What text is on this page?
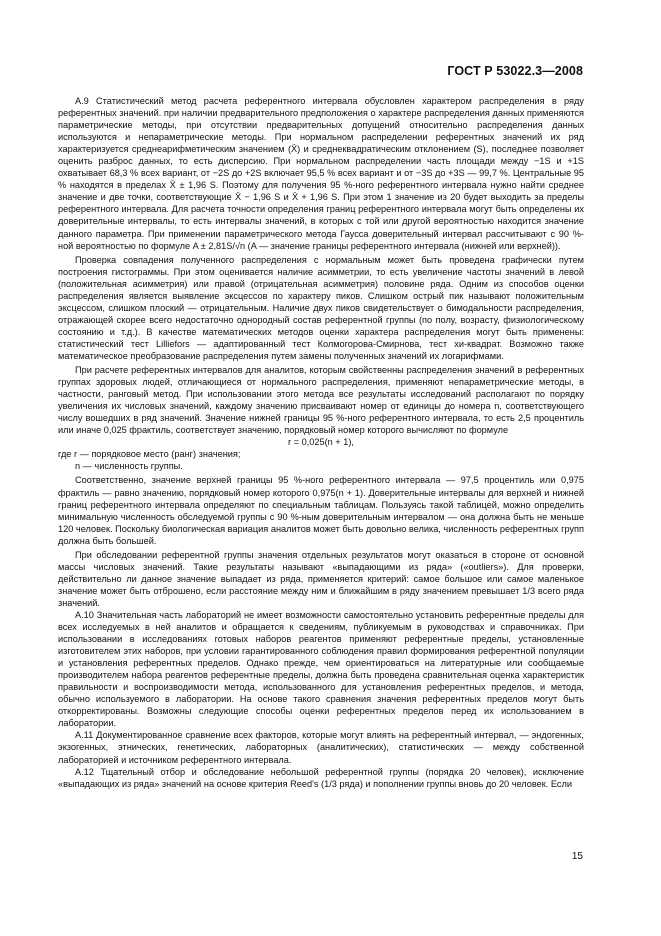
ГОСТ Р 53022.3—2008

А.9 Статистический метод расчета референтного интервала обусловлен характером распределения в ряду референтных значений. при наличии предварительного предположения о характере распределения данных применяются параметрические методы, при отсутствии предварительных допущений относительно распределения данных используются и непараметрические методы. При нормальном распределении референтных значений их ряд характеризуется среднеарифметическим значением (X̄) и среднеквадратическим отклонением (S), последнее позволяет оценить разброс данных, то есть дисперсию. При нормальном распределении часть площади между −1S и +1S охватывает 68,3 % всех вариант, от −2S до +2S включает 95,5 % всех вариант и от −3S до +3S — 99,7 %. Центральные 95 % находятся в пределах X̄ ± 1,96 S. Поэтому для получения 95 %-ного референтного интервала нужно найти среднее значение и две точки, соответствующие X̄ − 1,96 S и X̄ + 1,96 S. При этом 1 значение из 20 будет выходить за пределы референтного интервала. Для расчета точности определения границ референтного интервала могут быть определены их доверительные интервалы, то есть интервалы значений, в которых с той или другой вероятностью находится значение данного параметра. При применении параметрического метода Гаусса доверительный интервал рассчитывают с 90 %-ной вероятностью по формуле A ± 2,81S/√n (A — значение границы референтного интервала (нижней или верхней)).

Проверка совпадения полученного распределения с нормальным может быть проведена графически путем построения гистограммы. При этом оценивается наличие асимметрии, то есть увеличение частоты значений в левой (положительная асимметрия) или правой (отрицательная асимметрия) половине ряда. Одним из способов оценки распределения является выявление эксцессов по характеру пиков. Слишком острый пик называют положительным эксцессом, слишком плоский — отрицательным. Наличие двух пиков свидетельствует о бимодальности распределения, отражающей скорее всего недостаточно однородный состав референтной группы (по полу, возрасту, физиологическому состоянию и т.д.). В качестве математических методов оценки характера распределения могут быть применены: статистический тест Lilliefors — адаптированный тест Колмогорова-Смирнова, тест хи-квадрат. Возможно также математическое преобразование распределения путем замены полученных значений их логарифмами.

При расчете референтных интервалов для аналитов, которым свойственны распределения значений в референтных группах здоровых людей, отличающиеся от нормального распределения, применяют непараметрические методы, в частности, ранговый метод. При использовании этого метода все результаты исследований располагают по порядку увеличения их числовых значений, каждому значению присваивают номер от единицы до номера n, соответствующего числу вошедших в ряд значений. Значение нижней границы 95 %-ного референтного интервала, то есть 2,5 процентиль или иначе 0,025 фрактиль, соответствует значению, порядковый номер которого вычисляют по формуле

r = 0,025(n + 1),

где r — порядковое место (ранг) значения;

n — численность группы.

Соответственно, значение верхней границы 95 %-ного референтного интервала — 97,5 процентиль или 0,975 фрактиль — равно значению, порядковый номер которого 0,975(n + 1). Доверительные интервалы для верхней и нижней границ референтного интервала определяют по специальным таблицам. Пользуясь такой таблицей, можно определить минимальную численность обследуемой группы с 90 %-ным доверительным интервалом — она должна быть не меньше 120 человек. Поскольку биологическая вариация аналитов может быть довольно велика, численность референтных групп должна быть большей.

При обследовании референтной группы значения отдельных результатов могут оказаться в стороне от основной массы числовых значений. Такие результаты называют «выпадающими из ряда» («outliers»). Для проверки, действительно ли данное значение выпадает из ряда, применяется критерий: самое большое или самое маленькое значение может быть отброшено, если расстояние между ним и ближайшим в ряду значением превышает 1/3 всего ряда значений.

А.10 Значительная часть лабораторий не имеет возможности самостоятельно установить референтные пределы для всех исследуемых в ней аналитов и обращается к сведениям, публикуемым в руководствах и справочниках. При использовании в исследованиях готовых наборов реагентов применяют референтные пределы, установленные изготовителем этих наборов, при условии гарантированного соблюдения правил формирования референтной популяции и установления референтных пределов. Однако прежде, чем ориентироваться на литературные или сообщаемые производителем набора реагентов референтные пределы, должна быть проведена сравнительная оценка характеристик правильности и воспроизводимости метода, использованного для установления референтных пределов, и метода, обычно используемого в лаборатории. На основе такого сравнения значения референтных пределов могут быть откорректированы. Возможны следующие способы оценки референтных пределов перед их использованием в лаборатории.

А.11 Документированное сравнение всех факторов, которые могут влиять на референтный интервал, — эндогенных, экзогенных, этнических, генетических, лабораторных (аналитических), статистических — между собственной лабораторией и источником референтного интервала.

А.12 Тщательный отбор и обследование небольшой референтной группы (порядка 20 человек), исключение «выпадающих из ряда» значений на основе критерия Reed's (1/3 ряда) и пополнении группы вновь до 20 человек. Если

15
